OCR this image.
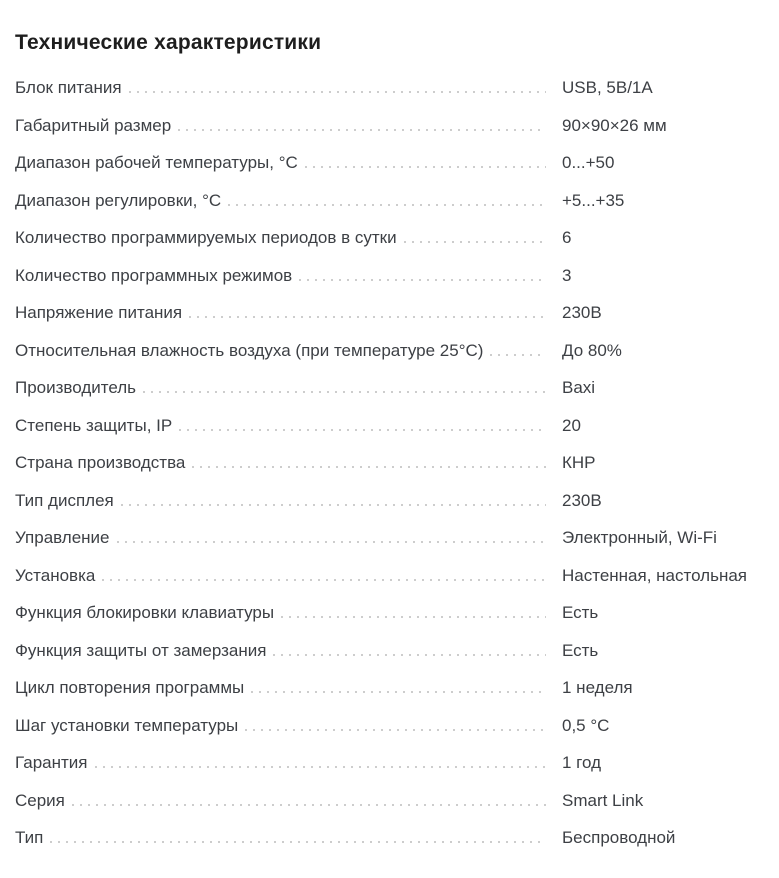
Технические характеристики
Блок питания	USB, 5В/1А
Габаритный размер	90×90×26 мм
Диапазон рабочей температуры, °С	0...+50
Диапазон регулировки, °С	+5...+35
Количество программируемых периодов в сутки	6
Количество программных режимов	3
Напряжение питания	230В
Относительная влажность воздуха (при температуре 25°С)	До 80%
Производитель	Baxi
Степень защиты, IP	20
Страна производства	КНР
Тип дисплея	230В
Управление	Электронный, Wi-Fi
Установка	Настенная, настольная
Функция блокировки клавиатуры	Есть
Функция защиты от замерзания	Есть
Цикл повторения программы	1 неделя
Шаг установки температуры	0,5 °С
Гарантия	1 год
Серия	Smart Link
Тип	Беспроводной
